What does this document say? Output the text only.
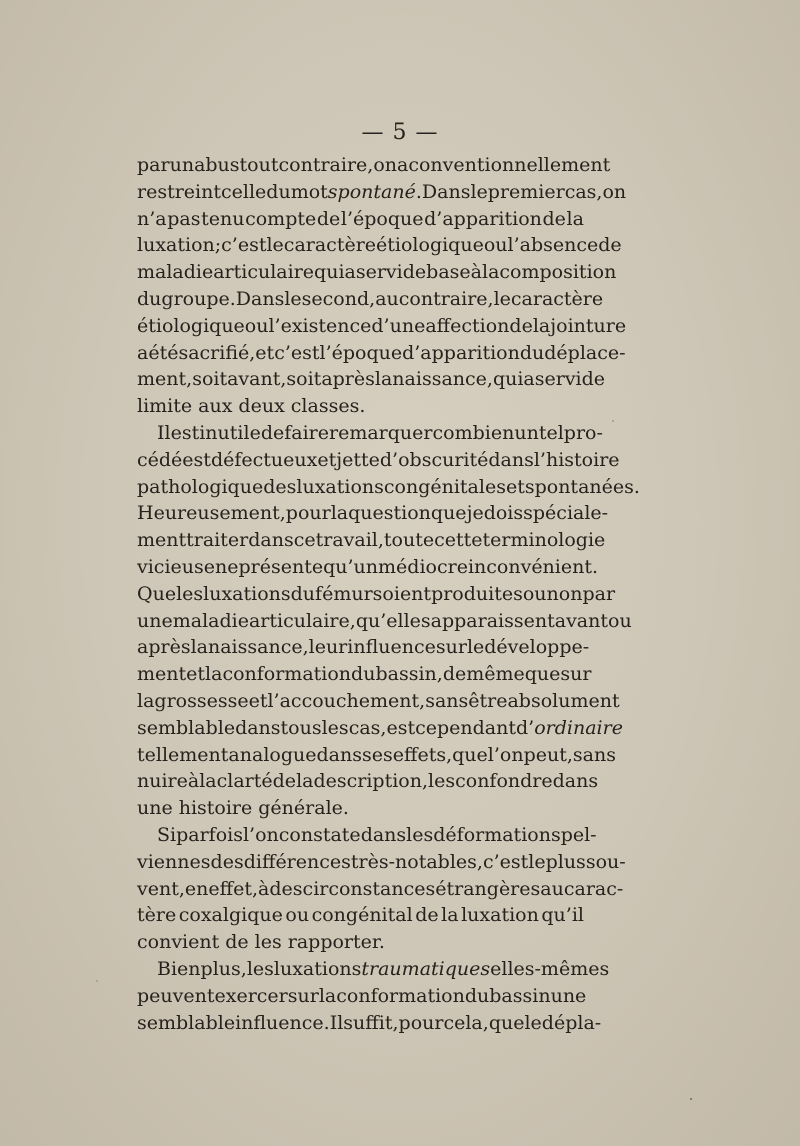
— 5 —
par un abus tout contraire, on a conventionnellement
restreint celle du mot spontané. Dans le premier cas, on
n’a pas tenu compte de l’époque d’apparition de la
luxation; c’est le caractère étiologique ou l’absence de
maladie articulaire qui a servi de base à la composition
du groupe. Dans le second, au contraire, le caractère
étiologique ou l’existence d’une affection de la jointure
a été sacrifié, et c’est l’époque d’apparition du déplace-
ment, soit avant, soit après la naissance, qui a servi de
limite aux deux classes.
Il est inutile de faire remarquer combien un tel pro-
cédé est défectueux et jette d’obscurité dans l’histoire
pathologique des luxations congénitales et spontanées.
Heureusement, pour la question que je dois spéciale-
ment traiter dans ce travail, toute cette terminologie
vicieuse ne présente qu’un médiocre inconvénient.
Que les luxations du fémur soient produites ou non par
une maladie articulaire, qu’elles apparaissent avant ou
après la naissance, leur influence sur le développe-
ment et la conformation du bassin, de même que sur
la grossesse et l’accouchement, sans être absolument
semblable dans tous les cas, est cependant d’ordinaire
tellement analogue dans ses effets, que l’on peut, sans
nuire à la clarté de la description, les confondre dans
une histoire générale.
Si parfois l’on constate dans les déformations pel-
viennes des différences très-notables, c’est le plus sou-
vent, en effet, à des circonstances étrangères au carac-
tère coxalgique ou congénital de la luxation qu’il
convient de les rapporter.
Bien plus, les luxations traumatiques elles-mêmes
peuvent exercer sur la conformation du bassin une
semblable influence. Il suffit, pour cela, que le dépla-
